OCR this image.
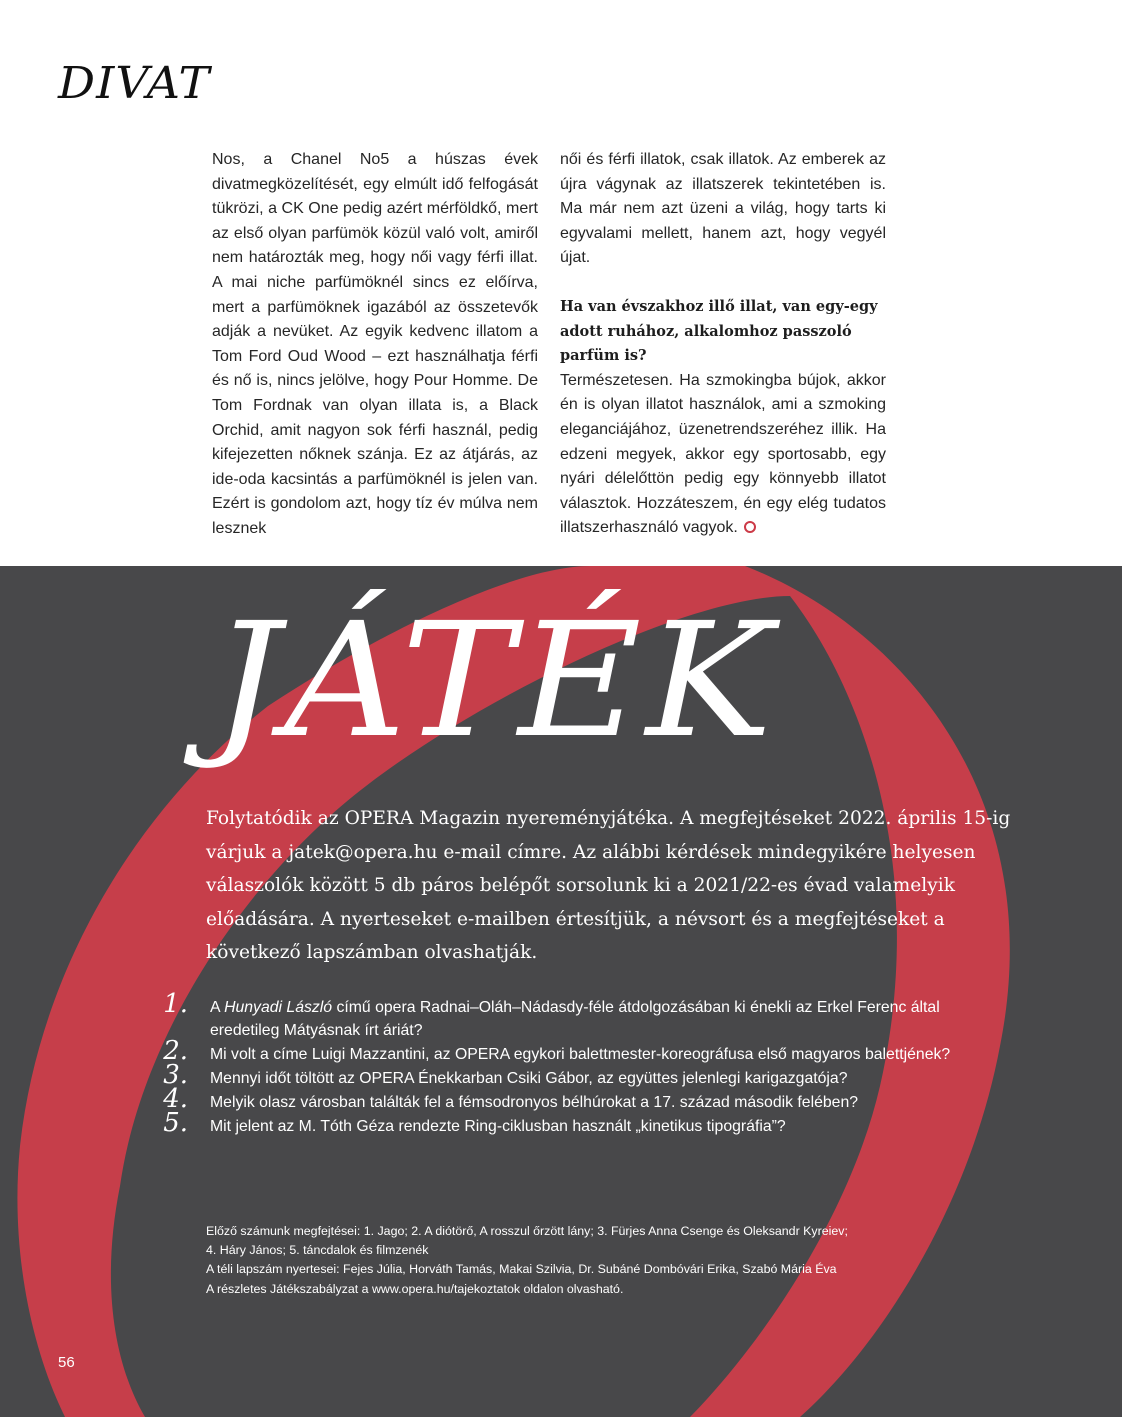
DIVAT

Nos, a Chanel No5 a húszas évek divatmegközelítését, egy elmúlt idő felfogását tükrözi, a CK One pedig azért mérföldkő, mert az első olyan parfümök közül való volt, amiről nem határozták meg, hogy női vagy férfi illat. A mai niche parfümöknél sincs ez előírva, mert a parfümöknek igazából az összetevők adják a nevüket. Az egyik kedvenc illatom a Tom Ford Oud Wood – ezt használhatja férfi és nő is, nincs jelölve, hogy Pour Homme. De Tom Fordnak van olyan illata is, a Black Orchid, amit nagyon sok férfi használ, pedig kifejezetten nőknek szánja. Ez az átjárás, az ide-oda kacsintás a parfümöknél is jelen van. Ezért is gondolom azt, hogy tíz év múlva nem lesznek

női és férfi illatok, csak illatok. Az emberek az újra vágynak az illatszerek tekintetében is. Ma már nem azt üzeni a világ, hogy tarts ki egyvalami mellett, hanem azt, hogy vegyél újat.

Ha van évszakhoz illő illat, van egy-egy adott ruhához, alkalomhoz passzoló parfüm is?

Természetesen. Ha szmokingba bújok, akkor én is olyan illatot használok, ami a szmoking eleganciájához, üzenetrendszeréhez illik. Ha edzeni megyek, akkor egy sportosabb, egy nyári délelőttön pedig egy könnyebb illatot választok. Hozzáteszem, én egy elég tudatos illatszerhasználó vagyok.

JÁTÉK
Folytatódik az OPERA Magazin nyereményjátéka. A megfejtéseket 2022. április 15-ig várjuk a jatek@opera.hu e-mail címre. Az alábbi kérdések mindegyikére helyesen válaszolók között 5 db páros belépőt sorsolunk ki a 2021/22-es évad valamelyik előadására. A nyerteseket e-mailben értesítjük, a névsort és a megfejtéseket a következő lapszámban olvashatják.
1. A Hunyadi László című opera Radnai–Oláh–Nádasdy-féle átdolgozásában ki énekli az Erkel Ferenc által eredetileg Mátyásnak írt áriát?
2. Mi volt a címe Luigi Mazzantini, az OPERA egykori balettmester-koreográfusa első magyaros balettjének?
3. Mennyi időt töltött az OPERA Énekkarban Csiki Gábor, az együttes jelenlegi karigazgatója?
4. Melyik olasz városban találták fel a fémsodronyos bélhúrokat a 17. század második felében?
5. Mit jelent az M. Tóth Géza rendezte Ring-ciklusban használt „kinetikus tipográfia”?
Előző számunk megfejtései: 1. Jago; 2. A diótörő, A rosszul őrzött lány; 3. Fürjes Anna Csenge és Oleksandr Kyreiev;
4. Háry János; 5. táncdalok és filmzenék
A téli lapszám nyertesei: Fejes Júlia, Horváth Tamás, Makai Szilvia, Dr. Subáné Dombóvári Erika, Szabó Mária Éva
A részletes Játékszabályzat a www.opera.hu/tajekoztatok oldalon olvasható.
56
